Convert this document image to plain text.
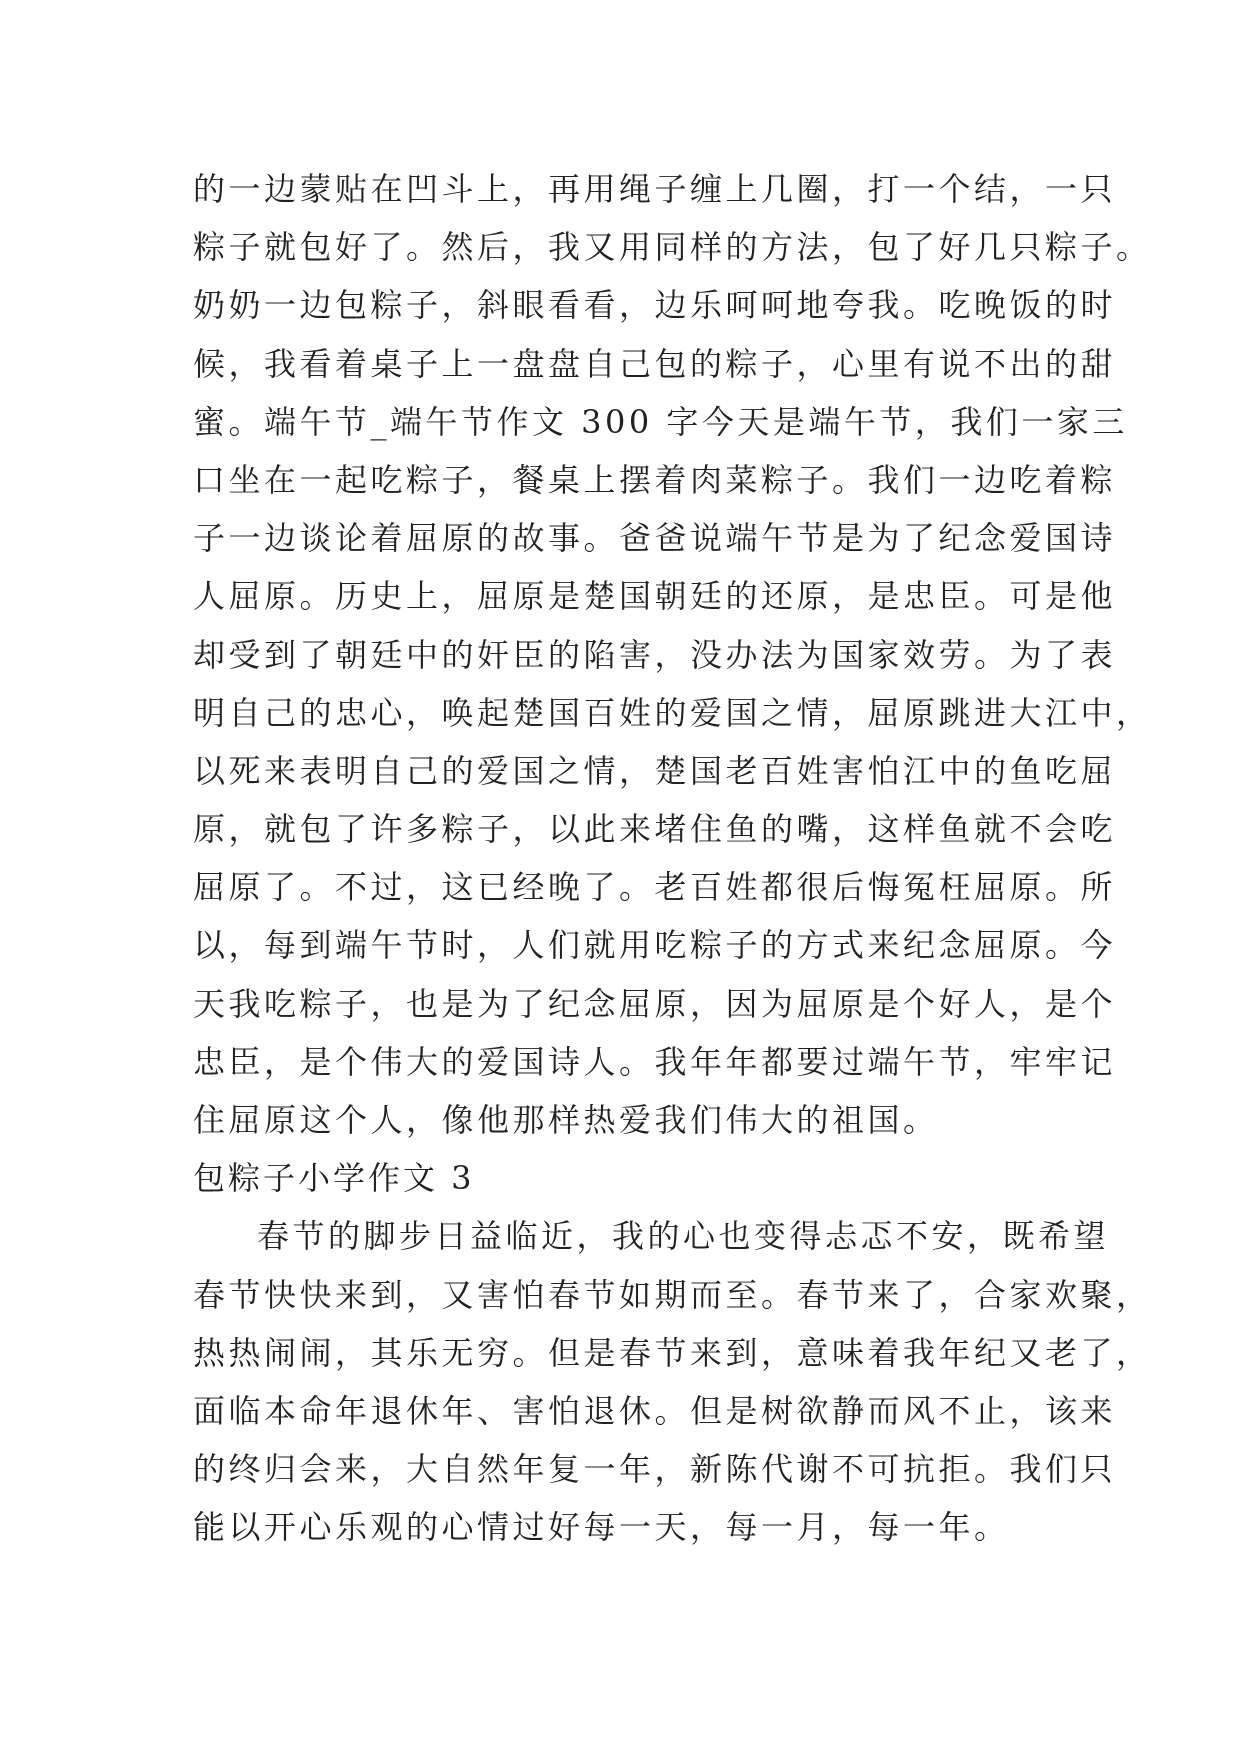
的一边蒙贴在凹斗上，再用绳子缠上几圈，打一个结，一只
粽子就包好了。然后，我又用同样的方法，包了好几只粽子。
奶奶一边包粽子，斜眼看看，边乐呵呵地夸我。吃晚饭的时
候，我看着桌子上一盘盘自己包的粽子，心里有说不出的甜
蜜。端午节_端午节作文 300 字今天是端午节，我们一家三
口坐在一起吃粽子，餐桌上摆着肉菜粽子。我们一边吃着粽
子一边谈论着屈原的故事。爸爸说端午节是为了纪念爱国诗
人屈原。历史上，屈原是楚国朝廷的还原，是忠臣。可是他
却受到了朝廷中的奸臣的陷害，没办法为国家效劳。为了表
明自己的忠心，唤起楚国百姓的爱国之情，屈原跳进大江中，
以死来表明自己的爱国之情，楚国老百姓害怕江中的鱼吃屈
原，就包了许多粽子，以此来堵住鱼的嘴，这样鱼就不会吃
屈原了。不过，这已经晚了。老百姓都很后悔冤枉屈原。所
以，每到端午节时，人们就用吃粽子的方式来纪念屈原。今
天我吃粽子，也是为了纪念屈原，因为屈原是个好人，是个
忠臣，是个伟大的爱国诗人。我年年都要过端午节，牢牢记
住屈原这个人，像他那样热爱我们伟大的祖国。
包粽子小学作文 3
春节的脚步日益临近，我的心也变得忐忑不安，既希望
春节快快来到，又害怕春节如期而至。春节来了，合家欢聚，
热热闹闹，其乐无穷。但是春节来到，意味着我年纪又老了，
面临本命年退休年、害怕退休。但是树欲静而风不止，该来
的终归会来，大自然年复一年，新陈代谢不可抗拒。我们只
能以开心乐观的心情过好每一天，每一月，每一年。
